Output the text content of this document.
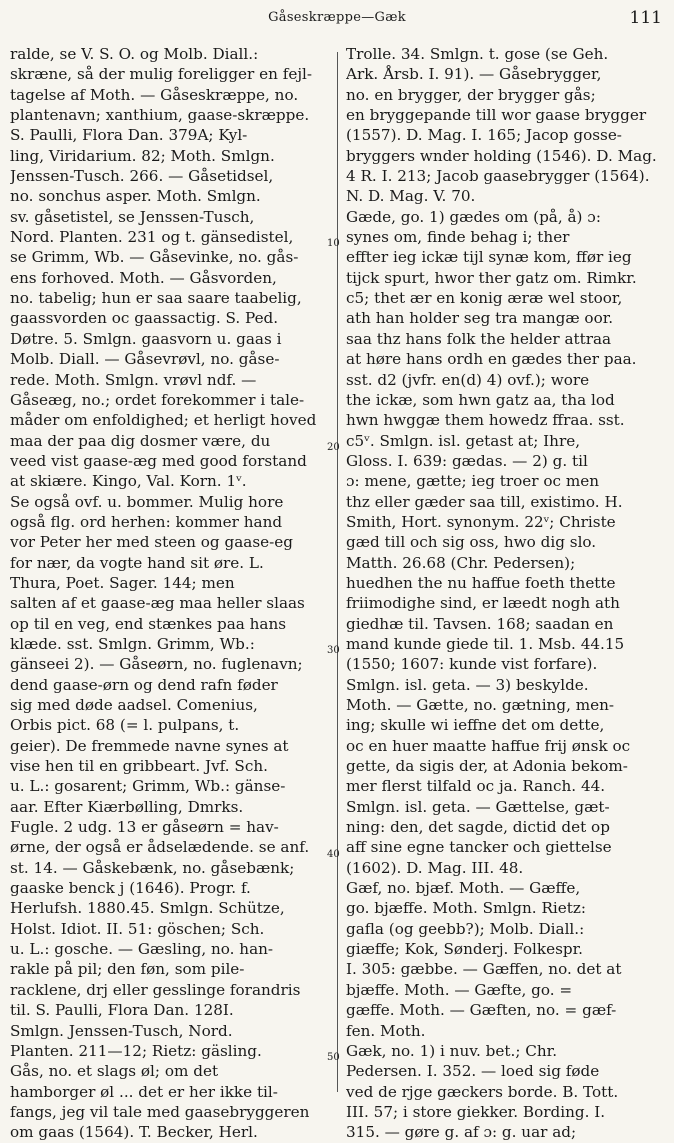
Gåseskræppe—Gæk	111
ralde, se V. S. O. og Molb. Diall.:
skræne, så der mulig foreligger en fejl-
tagelse af Moth. — Gåseskræppe, no.
plantenavn; xanthium, gaase-skræppe.
S. Paulli, Flora Dan. 379A; Kyl-
ling, Viridarium. 82; Moth. Smlgn.
Jenssen-Tusch. 266. — Gåsetidsel,
no. sonchus asper. Moth. Smlgn.
sv. gåsetistel, se Jenssen-Tusch,
Nord. Planten. 231 og t. gänsedistel,
se Grimm, Wb. — Gåsevinke, no. gås-
ens forhoved. Moth. — Gåsvorden,
no. tabelig; hun er saa saare taabelig,
gaassvorden oc gaassactig. S. Ped.
Døtre. 5. Smlgn. gaasvorn u. gaas i
Molb. Diall. — Gåsevrøvl, no. gåse-
rede. Moth. Smlgn. vrøvl ndf. —
Gåseæg, no.; ordet forekommer i tale-
måder om enfoldighed; et herligt hoved
maa der paa dig dosmer være, du
veed vist gaase-æg med good forstand
at skiære. Kingo, Val. Korn. 1ᵛ.
Se også ovf. u. bommer. Mulig hore
også flg. ord herhen: kommer hand
vor Peter her med steen og gaase-eg
for nær, da vogte hand sit øre. L.
Thura, Poet. Sager. 144; men
salten af et gaase-æg maa heller slaas
op til en veg, end stænkes paa hans
klæde. sst. Smlgn. Grimm, Wb.:
gänseei 2). — Gåseørn, no. fuglenavn;
dend gaase-ørn og dend rafn føder
sig med døde aadsel. Comenius,
Orbis pict. 68 (= l. pulpans, t.
geier). De fremmede navne synes at
vise hen til en gribbeart. Jvf. Sch.
u. L.: gosarent; Grimm, Wb.: gänse-
aar. Efter Kiærbølling, Dmrks.
Fugle. 2 udg. 13 er gåseørn = hav-
ørne, der også er ådselædende. se anf.
st. 14. — Gåskebænk, no. gåsebænk;
gaaske benck j (1646). Progr. f.
Herlufsh. 1880.45. Smlgn. Schütze,
Holst. Idiot. II. 51: göschen; Sch.
u. L.: gosche. — Gæsling, no. han-
rakle på pil; den føn, som pile-
racklene, drj eller gesslinge forandris
til. S. Paulli, Flora Dan. 128I.
Smlgn. Jenssen-Tusch, Nord.
Planten. 211—12; Rietz: gäsling.
Gås, no. et slags øl; om det
hamborger øl ... det er her ikke til-
fangs, jeg vil tale med gaasebryggeren
om gaas (1564). T. Becker, Herl.
Trolle. 34. Smlgn. t. gose (se Geh.
Ark. Årsb. I. 91). — Gåsebrygger,
no. en brygger, der brygger gås;
en bryggepande till wor gaase brygger
(1557). D. Mag. I. 165; Jacop gosse-
bryggers wnder holding (1546). D. Mag.
4 R. I. 213; Jacob gaasebrygger (1564).
N. D. Mag. V. 70.
Gæde, go. 1) gædes om (på, å) ɔ:
synes om, finde behag i; ther
effter ieg ickæ tijl synæ kom, ffør ieg
tijck spurt, hwor ther gatz om. Rimkr.
c5; thet ær en konig æræ wel stoor,
ath han holder seg tra mangæ oor.
saa thz hans folk the helder attraa
at høre hans ordh en gædes ther paa.
sst. d2 (jvfr. en(d) 4) ovf.); wore
the ickæ, som hwn gatz aa, tha lod
hwn hwggæ them howedz ffraa. sst.
c5ᵛ. Smlgn. isl. getast at; Ihre,
Gloss. I. 639: gædas. — 2) g. til
ɔ: mene, gætte; ieg troer oc men
thz eller gæder saa till, existimo. H.
Smith, Hort. synonym. 22ᵛ; Christe
gæd till och sig oss, hwo dig slo.
Matth. 26.68 (Chr. Pedersen);
huedhen the nu haffue foeth thette
friimodighe sind, er læedt nogh ath
giedhæ til. Tavsen. 168; saadan en
mand kunde giede til. 1. Msb. 44.15
(1550; 1607: kunde vist forfare).
Smlgn. isl. geta. — 3) beskylde.
Moth. — Gætte, no. gætning, men-
ing; skulle wi ieffne det om dette,
oc en huer maatte haffue frij ønsk oc
gette, da sigis der, at Adonia bekom-
mer flerst tilfald oc ja. Ranch. 44.
Smlgn. isl. geta. — Gættelse, gæt-
ning: den, det sagde, dictid det op
aff sine egne tancker och giettelse
(1602). D. Mag. III. 48.
Gæf, no. bjæf. Moth. — Gæffe,
go. bjæffe. Moth. Smlgn. Rietz:
gafla (og geebb?); Molb. Diall.:
giæffe; Kok, Sønderj. Folkespr.
I. 305: gæbbe. — Gæffen, no. det at
bjæffe. Moth. — Gæfte, go. =
gæffe. Moth. — Gæften, no. = gæf-
fen. Moth.
Gæk, no. 1) i nuv. bet.; Chr.
Pedersen. I. 352. — loed sig føde
ved de rjge gæckers borde. B. Tott.
III. 57; i store giekker. Bording. I.
315. — gøre g. af ɔ: g. uar ad;
10
20
30
40
50
